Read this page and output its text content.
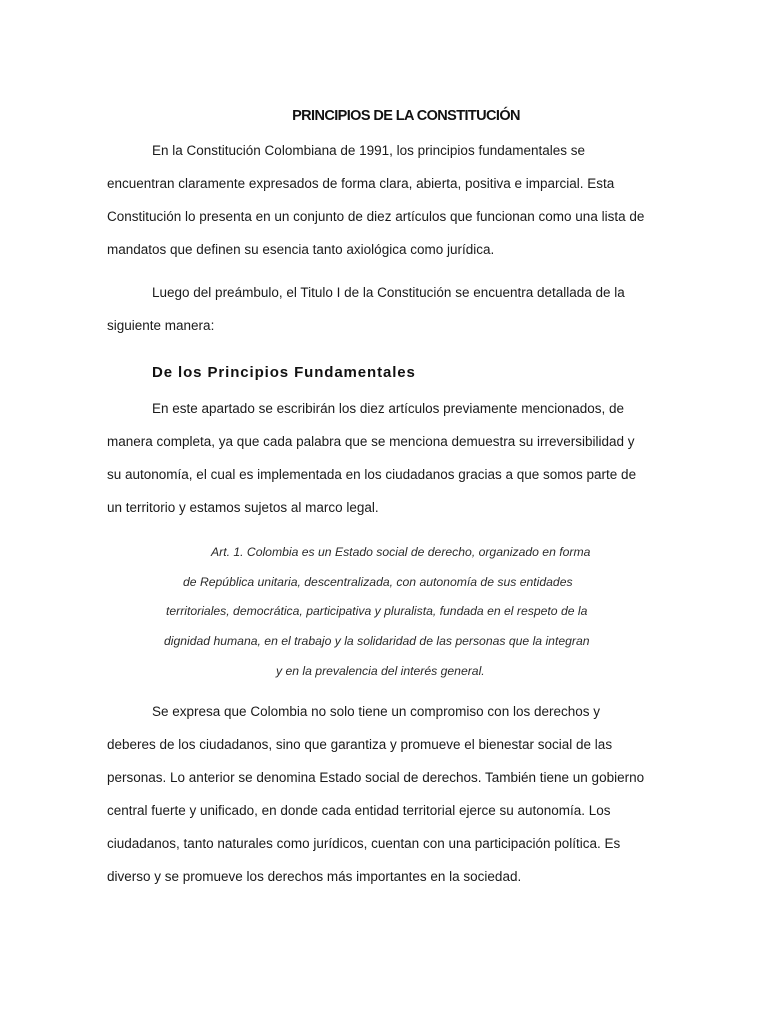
PRINCIPIOS DE LA CONSTITUCIÓN

En la Constitución Colombiana de 1991, los principios fundamentales se
encuentran claramente expresados de forma clara, abierta, positiva e imparcial. Esta
Constitución lo presenta en un conjunto de diez artículos que funcionan como una lista de
mandatos que definen su esencia tanto axiológica como jurídica.

Luego del preámbulo, el Titulo I de la Constitución se encuentra detallada de la
siguiente manera:

De los Principios Fundamentales

En este apartado se escribirán los diez artículos previamente mencionados, de
manera completa, ya que cada palabra que se menciona demuestra su irreversibilidad y
su autonomía, el cual es implementada en los ciudadanos gracias a que somos parte de
un territorio y estamos sujetos al marco legal.

Art. 1. Colombia es un Estado social de derecho, organizado en forma
de República unitaria, descentralizada, con autonomía de sus entidades
territoriales, democrática, participativa y pluralista, fundada en el respeto de la
dignidad humana, en el trabajo y la solidaridad de las personas que la integran
y en la prevalencia del interés general.

Se expresa que Colombia no solo tiene un compromiso con los derechos y
deberes de los ciudadanos, sino que garantiza y promueve el bienestar social de las
personas. Lo anterior se denomina Estado social de derechos. También tiene un gobierno
central fuerte y unificado, en donde cada entidad territorial ejerce su autonomía. Los
ciudadanos, tanto naturales como jurídicos, cuentan con una participación política. Es
diverso y se promueve los derechos más importantes en la sociedad.
